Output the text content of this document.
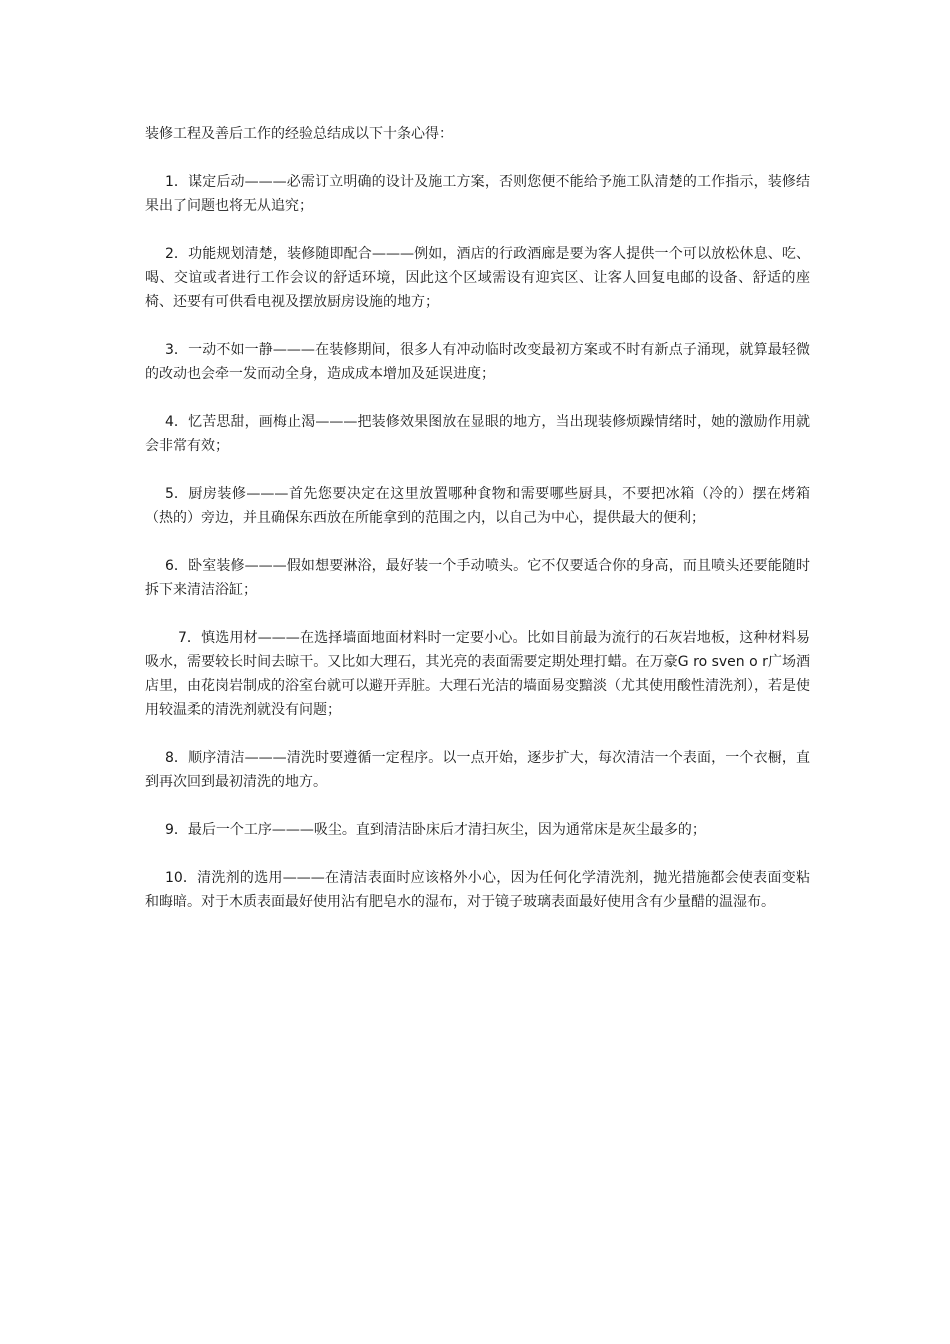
装修工程及善后工作的经验总结成以下十条心得：

1．谋定后动———必需订立明确的设计及施工方案，否则您便不能给予施工队清楚的工作指示，装修结果出了问题也将无从追究；

2．功能规划清楚，装修随即配合———例如，酒店的行政酒廊是要为客人提供一个可以放松休息、吃、喝、交谊或者进行工作会议的舒适环境，因此这个区域需设有迎宾区、让客人回复电邮的设备、舒适的座椅、还要有可供看电视及摆放厨房设施的地方；

3．一动不如一静———在装修期间，很多人有冲动临时改变最初方案或不时有新点子涌现，就算最轻微的改动也会牵一发而动全身，造成成本增加及延误进度；

4．忆苦思甜，画梅止渴———把装修效果图放在显眼的地方，当出现装修烦躁情绪时，她的激励作用就会非常有效；

5．厨房装修———首先您要决定在这里放置哪种食物和需要哪些厨具，不要把冰箱（冷的）摆在烤箱（热的）旁边，并且确保东西放在所能拿到的范围之内，以自己为中心，提供最大的便利；

6．卧室装修———假如想要淋浴，最好装一个手动喷头。它不仅要适合你的身高，而且喷头还要能随时拆下来清洁浴缸；

7．慎选用材———在选择墙面地面材料时一定要小心。比如目前最为流行的石灰岩地板，这种材料易吸水，需要较长时间去晾干。又比如大理石，其光亮的表面需要定期处理打蜡。在万豪G ro sven o r广场酒店里，由花岗岩制成的浴室台就可以避开弄脏。大理石光洁的墙面易变黯淡（尤其使用酸性清洗剂），若是使用较温柔的清洗剂就没有问题；

8．顺序清洁———清洗时要遵循一定程序。以一点开始，逐步扩大，每次清洁一个表面，一个衣橱，直到再次回到最初清洗的地方。

9．最后一个工序———吸尘。直到清洁卧床后才清扫灰尘，因为通常床是灰尘最多的；

10．清洗剂的选用———在清洁表面时应该格外小心，因为任何化学清洗剂，抛光措施都会使表面变粘和晦暗。对于木质表面最好使用沾有肥皂水的湿布，对于镜子玻璃表面最好使用含有少量醋的温湿布。
